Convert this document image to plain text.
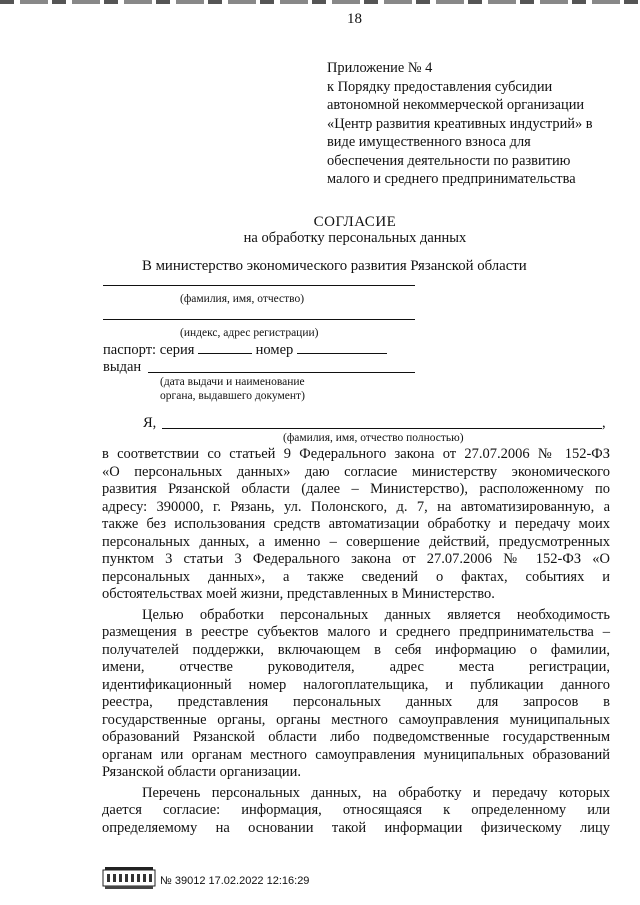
18
Приложение № 4
к Порядку предоставления субсидии
автономной некоммерческой организации
«Центр развития креативных индустрий» в
виде имущественного взноса для
обеспечения деятельности по развитию
малого и среднего предпринимательства
СОГЛАСИЕ
на обработку персональных данных
В министерство экономического развития Рязанской области
(фамилия, имя, отчество)
(индекс, адрес регистрации)
паспорт: серия	номер
выдан
(дата выдачи и наименование
органа, выдавшего документ)
Я,	,
(фамилия, имя, отчество полностью)
в соответствии со статьей 9 Федерального закона от 27.07.2006 № 152-ФЗ
«О персональных данных» даю согласие министерству экономического
развития Рязанской области (далее – Министерство), расположенному по
адресу: 390000, г. Рязань, ул. Полонского, д. 7, на автоматизированную, а
также без использования средств автоматизации обработку и передачу моих
персональных данных, а именно – совершение действий, предусмотренных
пунктом 3 статьи 3 Федерального закона от 27.07.2006 № 152-ФЗ «О
персональных данных», а также сведений о фактах, событиях и
обстоятельствах моей жизни, представленных в Министерство.
Целью обработки персональных данных является необходимость
размещения в реестре субъектов малого и среднего предпринимательства –
получателей поддержки, включающем в себя информацию о фамилии,
имени, отчестве руководителя, адрес места регистрации,
идентификационный номер налогоплательщика, и публикации данного
реестра, представления персональных данных для запросов в
государственные органы, органы местного самоуправления муниципальных
образований Рязанской области либо подведомственные государственным
органам или органам местного самоуправления муниципальных образований
Рязанской области организации.
Перечень персональных данных, на обработку и передачу которых
дается согласие: информация, относящаяся к определенному или
определяемому на основании такой информации физическому лицу
№ 39012 17.02.2022 12:16:29
